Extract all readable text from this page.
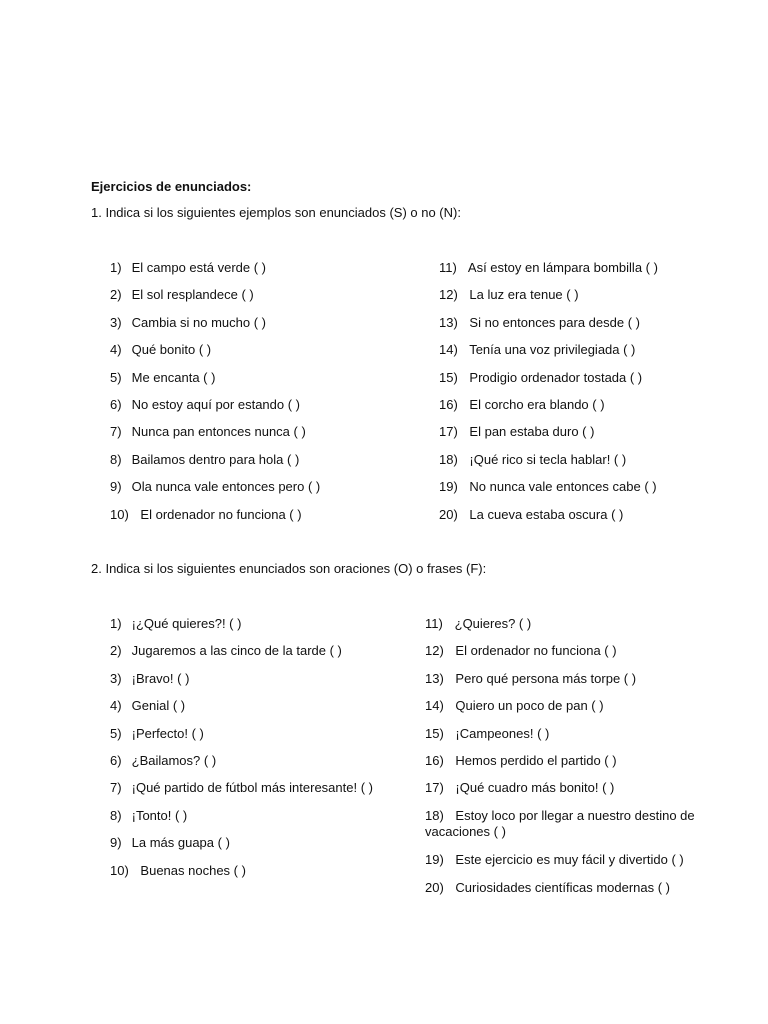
Ejercicios de enunciados:
1. Indica si los siguientes ejemplos son enunciados (S) o no (N):
1) El campo está verde ( )
2) El sol resplandece ( )
3) Cambia si no mucho ( )
4) Qué bonito ( )
5) Me encanta ( )
6) No estoy aquí por estando ( )
7) Nunca pan entonces nunca ( )
8) Bailamos dentro para hola ( )
9) Ola nunca vale entonces pero ( )
10) El ordenador no funciona ( )
11) Así estoy en lámpara bombilla ( )
12) La luz era tenue ( )
13) Si no entonces para desde ( )
14) Tenía una voz privilegiada ( )
15) Prodigio ordenador tostada ( )
16) El corcho era blando ( )
17) El pan estaba duro ( )
18) ¡Qué rico si tecla hablar! ( )
19) No nunca vale entonces cabe ( )
20) La cueva estaba oscura ( )
2. Indica si los siguientes enunciados son oraciones (O) o frases (F):
1) ¡¿Qué quieres?! ( )
2) Jugaremos a las cinco de la tarde ( )
3) ¡Bravo! ( )
4) Genial ( )
5) ¡Perfecto! ( )
6) ¿Bailamos? ( )
7) ¡Qué partido de fútbol más interesante! ( )
8) ¡Tonto! ( )
9) La más guapa ( )
10) Buenas noches ( )
11) ¿Quieres? ( )
12) El ordenador no funciona ( )
13) Pero qué persona más torpe ( )
14) Quiero un poco de pan ( )
15) ¡Campeones! ( )
16) Hemos perdido el partido ( )
17) ¡Qué cuadro más bonito! ( )
18) Estoy loco por llegar a nuestro destino de vacaciones ( )
19) Este ejercicio es muy fácil y divertido ( )
20) Curiosidades científicas modernas ( )
